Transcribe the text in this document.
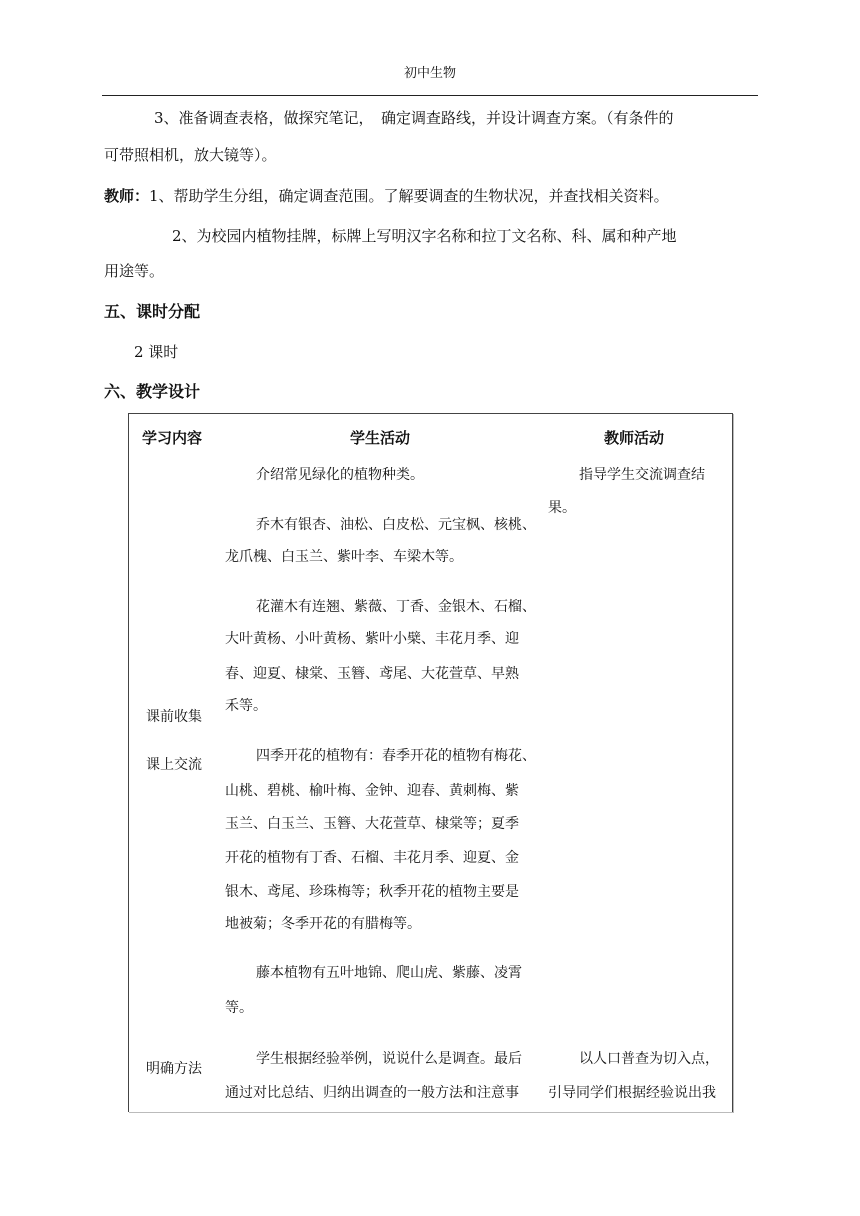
初中生物
3、准备调查表格，做探究笔记，　确定调查路线，并设计调查方案。（有条件的
可带照相机，放大镜等）。
教师：1、帮助学生分组，确定调查范围。了解要调查的生物状况，并查找相关资料。
2、为校园内植物挂牌，标牌上写明汉字名称和拉丁文名称、科、属和种产地
用途等。
五、课时分配
2 课时
六、教学设计
学习内容	学生活动	教师活动
课前收集
课上交流
明确方法
介绍常见绿化的植物种类。
乔木有银杏、油松、白皮松、元宝枫、核桃、
龙爪槐、白玉兰、紫叶李、车梁木等。
花灌木有连翘、紫薇、丁香、金银木、石榴、
大叶黄杨、小叶黄杨、紫叶小檗、丰花月季、迎
春、迎夏、棣棠、玉簪、鸢尾、大花萱草、早熟
禾等。
四季开花的植物有：春季开花的植物有梅花、
山桃、碧桃、榆叶梅、金钟、迎春、黄刺梅、紫
玉兰、白玉兰、玉簪、大花萱草、棣棠等；夏季
开花的植物有丁香、石榴、丰花月季、迎夏、金
银木、鸢尾、珍珠梅等；秋季开花的植物主要是
地被菊；冬季开花的有腊梅等。
藤本植物有五叶地锦、爬山虎、紫藤、凌霄
等。
学生根据经验举例，说说什么是调查。最后
通过对比总结、归纳出调查的一般方法和注意事
指导学生交流调查结
果。
以人口普查为切入点，
引导同学们根据经验说出我
